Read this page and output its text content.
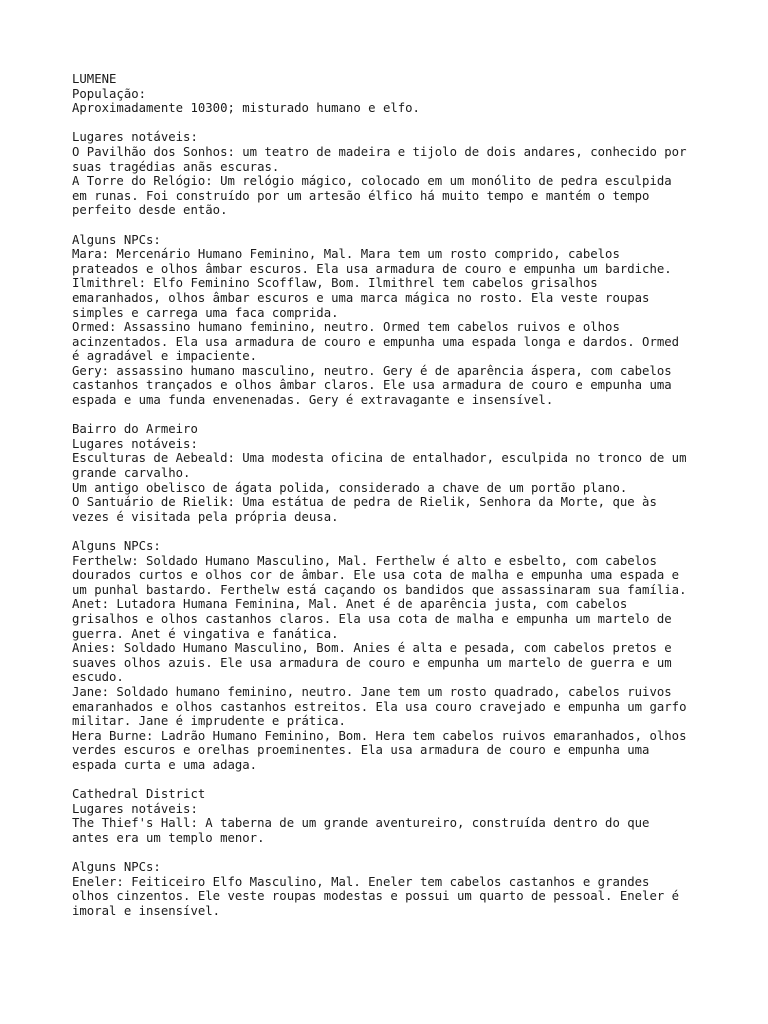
LUMENE
População:
Aproximadamente 10300; misturado humano e elfo.
Lugares notáveis:
O Pavilhão dos Sonhos: um teatro de madeira e tijolo de dois andares, conhecido por
suas tragédias anãs escuras.
A Torre do Relógio: Um relógio mágico, colocado em um monólito de pedra esculpida
em runas. Foi construído por um artesão élfico há muito tempo e mantém o tempo
perfeito desde então.
Alguns NPCs:
Mara: Mercenário Humano Feminino, Mal. Mara tem um rosto comprido, cabelos
prateados e olhos âmbar escuros. Ela usa armadura de couro e empunha um bardiche.
Ilmithrel: Elfo Feminino Scofflaw, Bom. Ilmithrel tem cabelos grisalhos
emaranhados, olhos âmbar escuros e uma marca mágica no rosto. Ela veste roupas
simples e carrega uma faca comprida.
Ormed: Assassino humano feminino, neutro. Ormed tem cabelos ruivos e olhos
acinzentados. Ela usa armadura de couro e empunha uma espada longa e dardos. Ormed
é agradável e impaciente.
Gery: assassino humano masculino, neutro. Gery é de aparência áspera, com cabelos
castanhos trançados e olhos âmbar claros. Ele usa armadura de couro e empunha uma
espada e uma funda envenenadas. Gery é extravagante e insensível.
Bairro do Armeiro
Lugares notáveis:
Esculturas de Aebeald: Uma modesta oficina de entalhador, esculpida no tronco de um
grande carvalho.
Um antigo obelisco de ágata polida, considerado a chave de um portão plano.
O Santuário de Rielik: Uma estátua de pedra de Rielik, Senhora da Morte, que às
vezes é visitada pela própria deusa.
Alguns NPCs:
Ferthelw: Soldado Humano Masculino, Mal. Ferthelw é alto e esbelto, com cabelos
dourados curtos e olhos cor de âmbar. Ele usa cota de malha e empunha uma espada e
um punhal bastardo. Ferthelw está caçando os bandidos que assassinaram sua família.
Anet: Lutadora Humana Feminina, Mal. Anet é de aparência justa, com cabelos
grisalhos e olhos castanhos claros. Ela usa cota de malha e empunha um martelo de
guerra. Anet é vingativa e fanática.
Anies: Soldado Humano Masculino, Bom. Anies é alta e pesada, com cabelos pretos e
suaves olhos azuis. Ele usa armadura de couro e empunha um martelo de guerra e um
escudo.
Jane: Soldado humano feminino, neutro. Jane tem um rosto quadrado, cabelos ruivos
emaranhados e olhos castanhos estreitos. Ela usa couro cravejado e empunha um garfo
militar. Jane é imprudente e prática.
Hera Burne: Ladrão Humano Feminino, Bom. Hera tem cabelos ruivos emaranhados, olhos
verdes escuros e orelhas proeminentes. Ela usa armadura de couro e empunha uma
espada curta e uma adaga.
Cathedral District
Lugares notáveis:
The Thief's Hall: A taberna de um grande aventureiro, construída dentro do que
antes era um templo menor.
Alguns NPCs:
Eneler: Feiticeiro Elfo Masculino, Mal. Eneler tem cabelos castanhos e grandes
olhos cinzentos. Ele veste roupas modestas e possui um quarto de pessoal. Eneler é
imoral e insensível.
